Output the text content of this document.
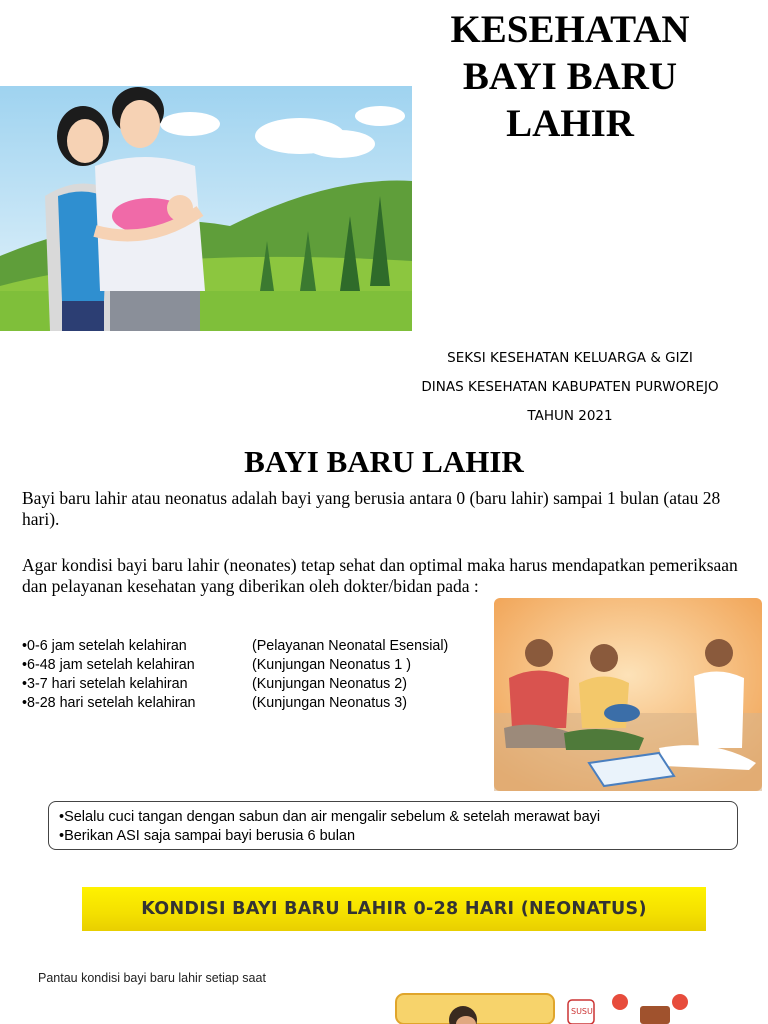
KESEHATAN
BAYI BARU
LAHIR
SEKSI KESEHATAN KELUARGA & GIZI
DINAS KESEHATAN KABUPATEN PURWOREJO
TAHUN 2021
BAYI BARU LAHIR
Bayi baru lahir atau neonatus adalah bayi yang berusia antara 0 (baru lahir) sampai 1 bulan (atau 28 hari).
Agar kondisi bayi baru lahir (neonates) tetap sehat dan optimal maka harus mendapatkan pemeriksaan dan pelayanan kesehatan yang diberikan oleh dokter/bidan pada :
•0-6 jam setelah kelahiran	(Pelayanan Neonatal Esensial)
•6-48 jam setelah kelahiran	(Kunjungan Neonatus 1 )
•3-7 hari setelah kelahiran	(Kunjungan Neonatus 2)
•8-28 hari setelah kelahiran	(Kunjungan Neonatus 3)
•Selalu cuci tangan dengan sabun dan air mengalir sebelum & setelah merawat bayi
•Berikan ASI saja sampai bayi berusia 6 bulan
KONDISI BAYI BARU LAHIR 0-28 HARI (NEONATUS)
Pantau kondisi bayi baru lahir setiap saat
SUSU
